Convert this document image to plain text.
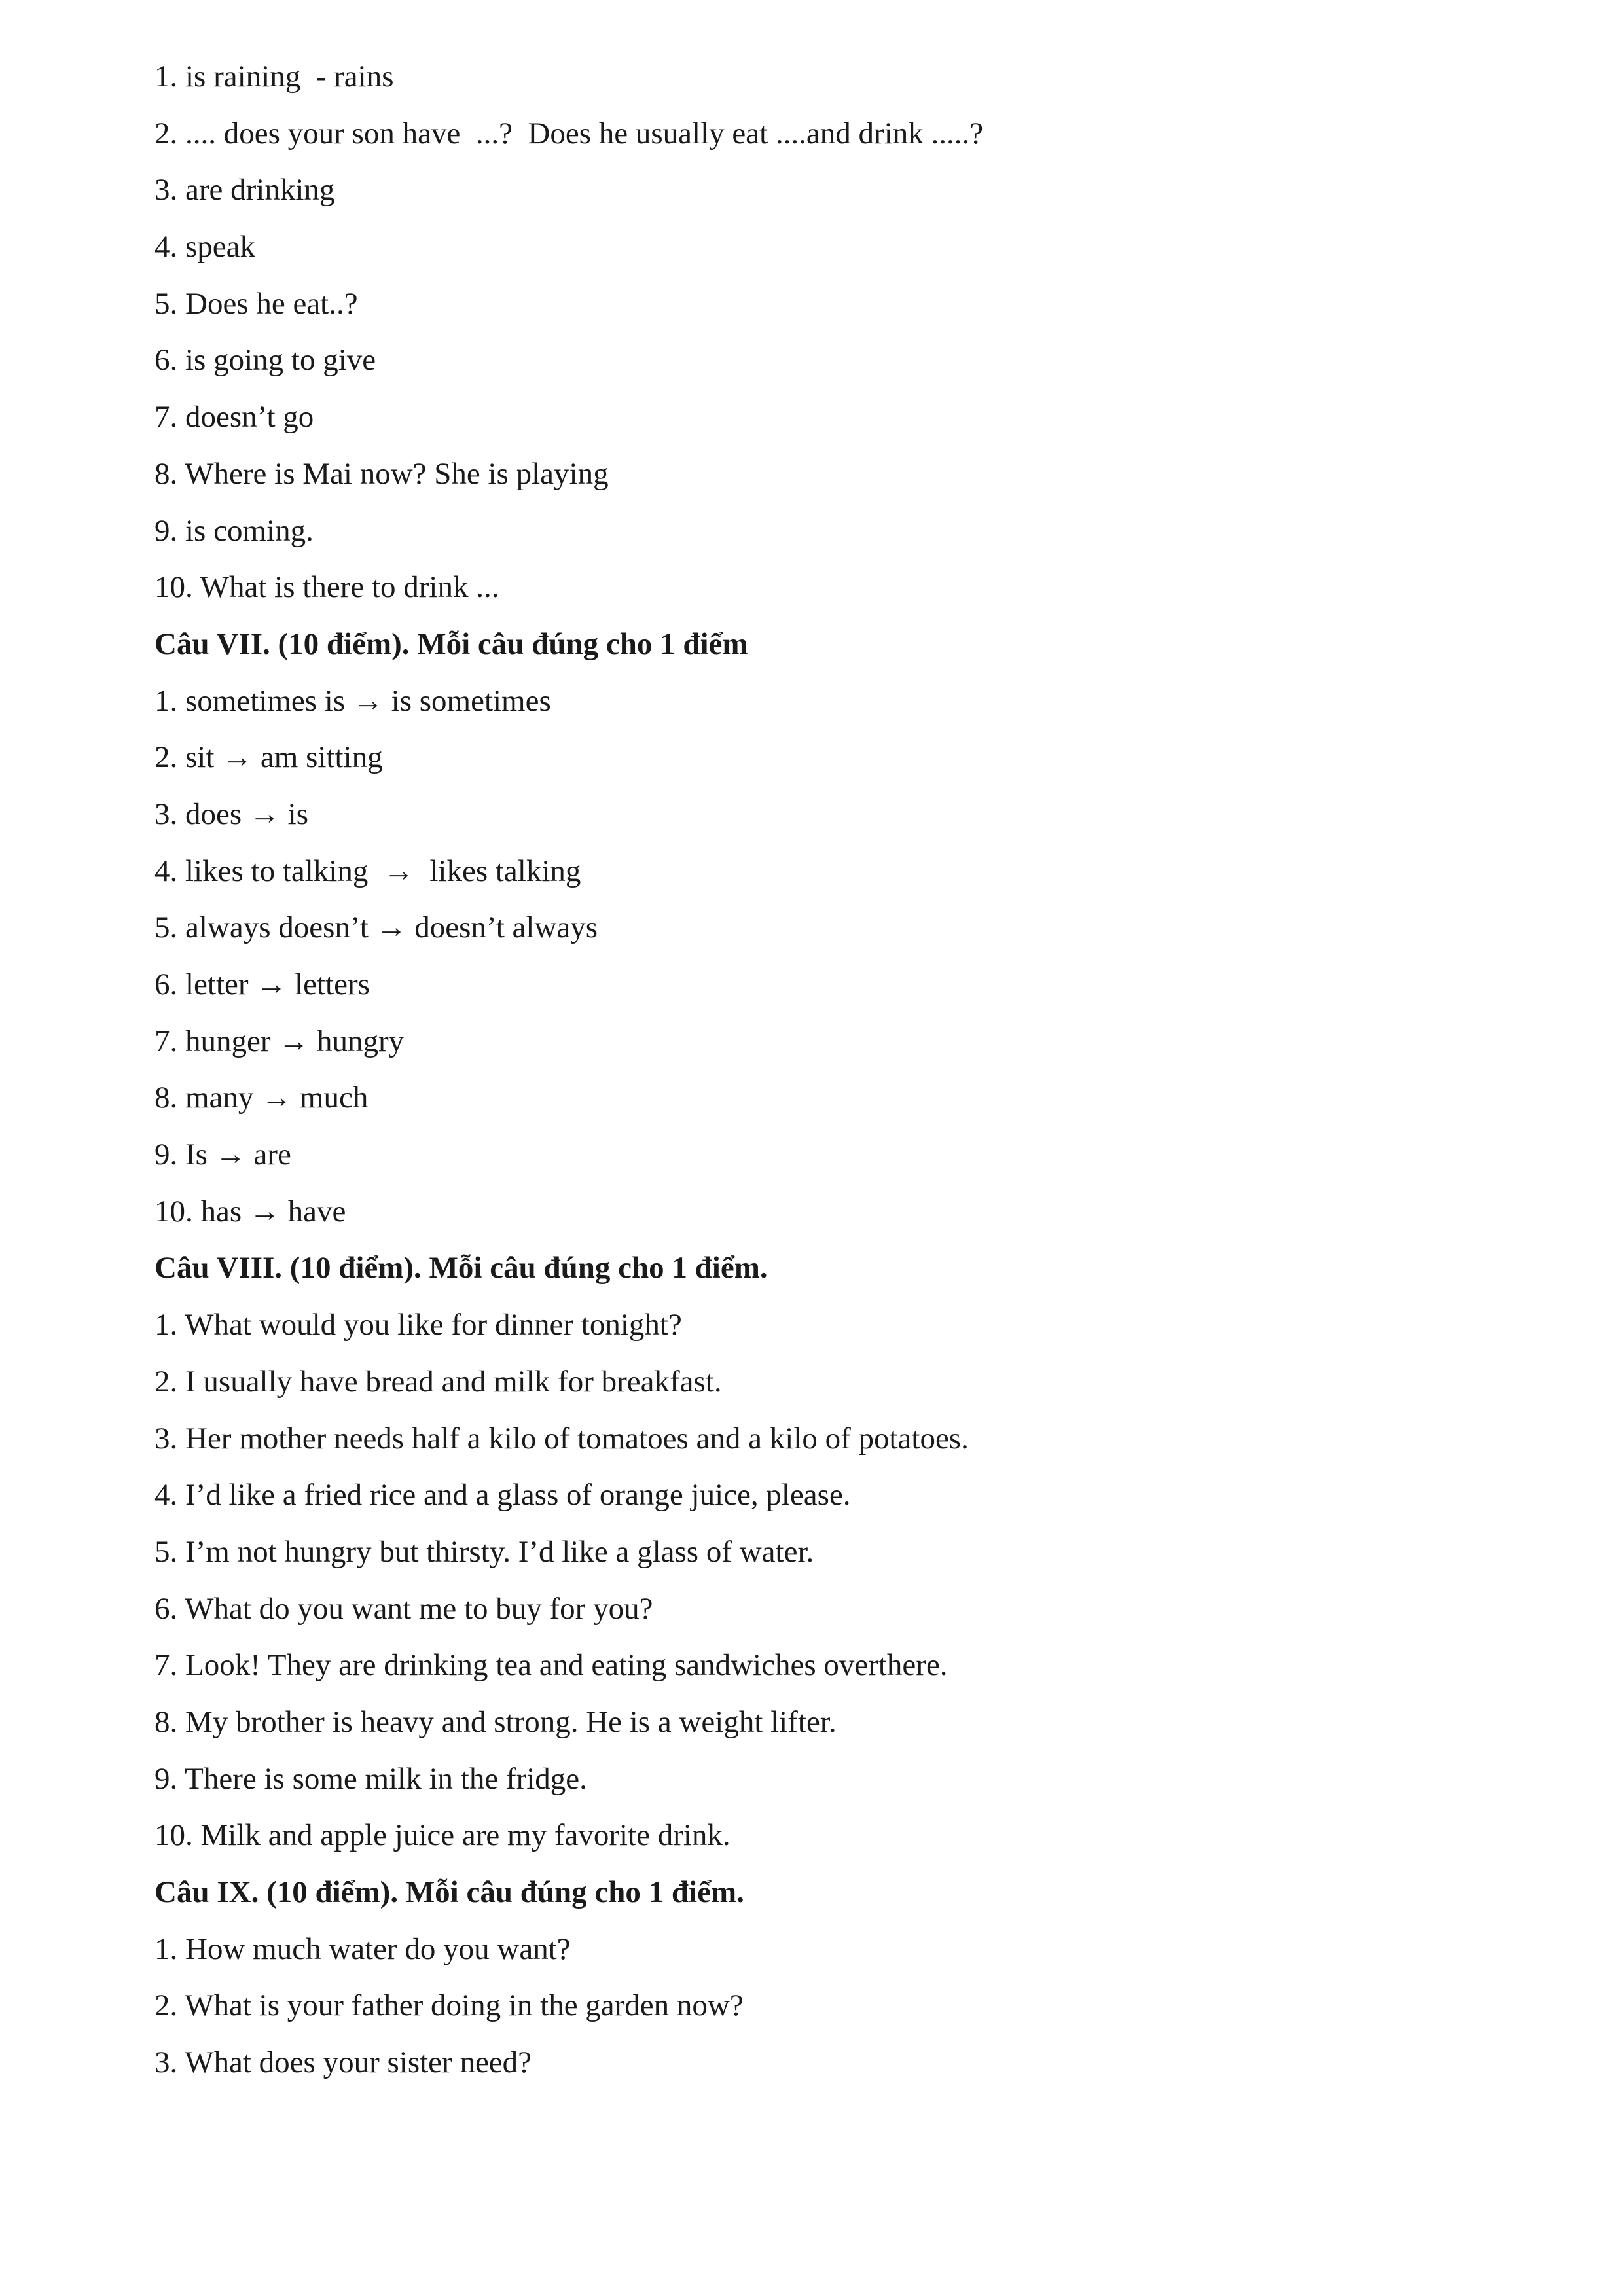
1. is raining  - rains
2. .... does your son have  ...?  Does he usually eat ....and drink .....?
3. are drinking
4. speak
5. Does he eat..?
6. is going to give
7. doesn’t go
8. Where is Mai now? She is playing
9. is coming.
10. What is there to drink ...
Câu VII. (10 điểm). Mỗi câu đúng cho 1 điểm
1. sometimes is → is sometimes
2. sit → am sitting
3. does → is
4. likes to talking  →  likes talking
5. always doesn’t → doesn’t always
6. letter → letters
7. hunger → hungry
8. many → much
9. Is → are
10. has → have
Câu VIII. (10 điểm). Mỗi câu đúng cho 1 điểm.
1. What would you like for dinner tonight?
2. I usually have bread and milk for breakfast.
3. Her mother needs half a kilo of tomatoes and a kilo of potatoes.
4. I’d like a fried rice and a glass of orange juice, please.
5. I’m not hungry but thirsty. I’d like a glass of water.
6. What do you want me to buy for you?
7. Look! They are drinking tea and eating sandwiches overthere.
8. My brother is heavy and strong. He is a weight lifter.
9. There is some milk in the fridge.
10. Milk and apple juice are my favorite drink.
Câu IX. (10 điểm). Mỗi câu đúng cho 1 điểm.
1. How much water do you want?
2. What is your father doing in the garden now?
3. What does your sister need?
